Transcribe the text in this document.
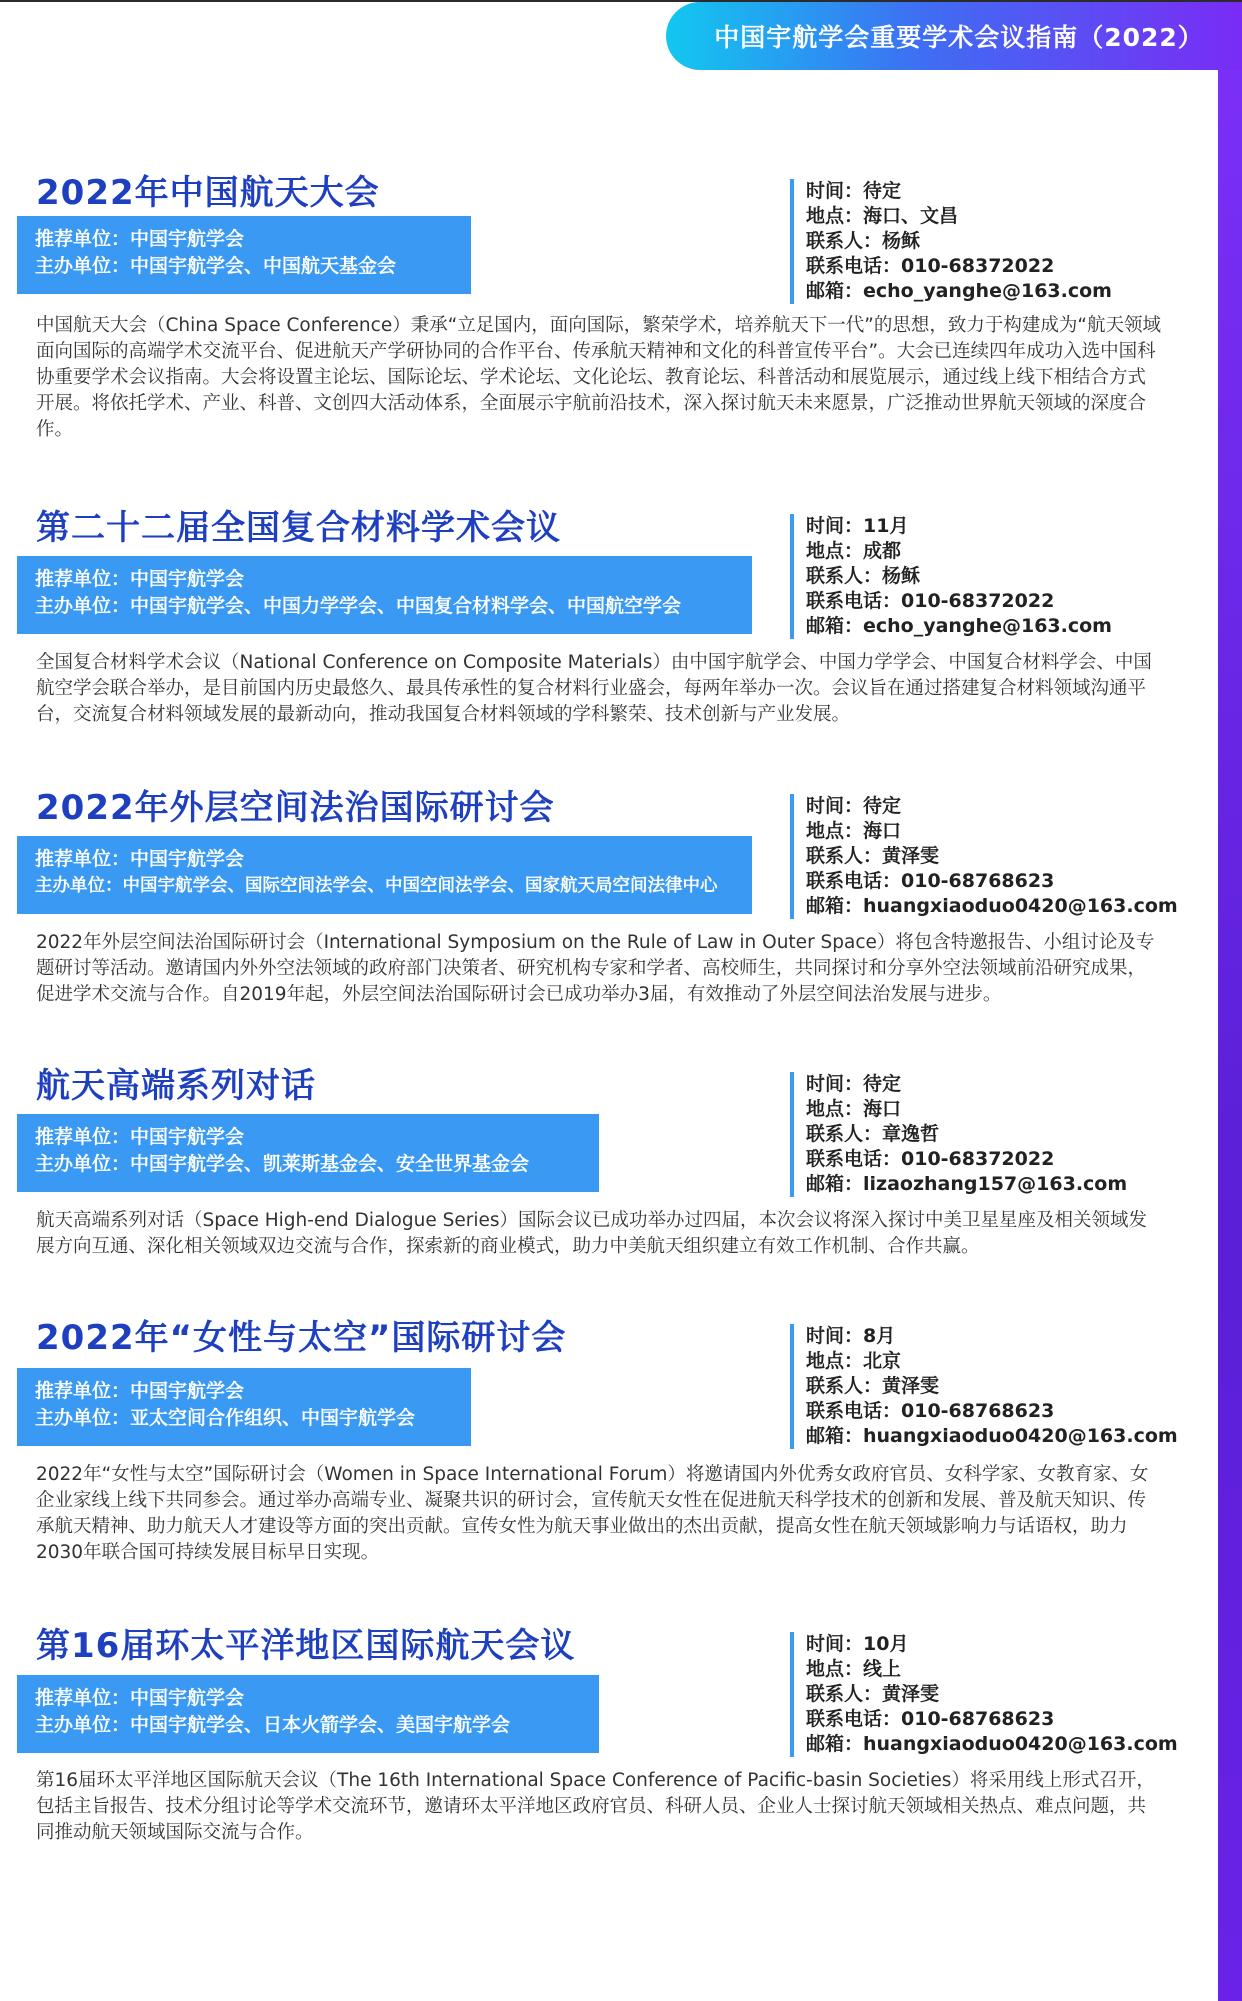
中国宇航学会重要学术会议指南（2022）
2022年中国航天大会
推荐单位：中国宇航学会
主办单位：中国宇航学会、中国航天基金会
时间：待定
地点：海口、文昌
联系人：杨稣
联系电话：010-68372022
邮箱：echo_yanghe@163.com
中国航天大会（China Space Conference）秉承“立足国内，面向国际，繁荣学术，培养航天下一代”的思想，致力于构建成为“航天领域面向国际的高端学术交流平台、促进航天产学研协同的合作平台、传承航天精神和文化的科普宣传平台”。大会已连续四年成功入选中国科协重要学术会议指南。大会将设置主论坛、国际论坛、学术论坛、文化论坛、教育论坛、科普活动和展览展示，通过线上线下相结合方式开展。将依托学术、产业、科普、文创四大活动体系，全面展示宇航前沿技术，深入探讨航天未来愿景，广泛推动世界航天领域的深度合作。
第二十二届全国复合材料学术会议
推荐单位：中国宇航学会
主办单位：中国宇航学会、中国力学学会、中国复合材料学会、中国航空学会
时间：11月
地点：成都
联系人：杨稣
联系电话：010-68372022
邮箱：echo_yanghe@163.com
全国复合材料学术会议（National Conference on Composite Materials）由中国宇航学会、中国力学学会、中国复合材料学会、中国航空学会联合举办，是目前国内历史最悠久、最具传承性的复合材料行业盛会，每两年举办一次。会议旨在通过搭建复合材料领域沟通平台，交流复合材料领域发展的最新动向，推动我国复合材料领域的学科繁荣、技术创新与产业发展。
2022年外层空间法治国际研讨会
推荐单位：中国宇航学会
主办单位：中国宇航学会、国际空间法学会、中国空间法学会、国家航天局空间法律中心
时间：待定
地点：海口
联系人：黄泽雯
联系电话：010-68768623
邮箱：huangxiaoduo0420@163.com
2022年外层空间法治国际研讨会（International Symposium on the Rule of Law in Outer Space）将包含特邀报告、小组讨论及专题研讨等活动。邀请国内外外空法领域的政府部门决策者、研究机构专家和学者、高校师生，共同探讨和分享外空法领域前沿研究成果，促进学术交流与合作。自2019年起，外层空间法治国际研讨会已成功举办3届，有效推动了外层空间法治发展与进步。
航天高端系列对话
推荐单位：中国宇航学会
主办单位：中国宇航学会、凯莱斯基金会、安全世界基金会
时间：待定
地点：海口
联系人：章逸哲
联系电话：010-68372022
邮箱：lizaozhang157@163.com
航天高端系列对话（Space High-end Dialogue Series）国际会议已成功举办过四届，本次会议将深入探讨中美卫星星座及相关领域发展方向互通、深化相关领域双边交流与合作，探索新的商业模式，助力中美航天组织建立有效工作机制、合作共赢。
2022年“女性与太空”国际研讨会
推荐单位：中国宇航学会
主办单位：亚太空间合作组织、中国宇航学会
时间：8月
地点：北京
联系人：黄泽雯
联系电话：010-68768623
邮箱：huangxiaoduo0420@163.com
2022年“女性与太空”国际研讨会（Women in Space International Forum）将邀请国内外优秀女政府官员、女科学家、女教育家、女企业家线上线下共同参会。通过举办高端专业、凝聚共识的研讨会，宣传航天女性在促进航天科学技术的创新和发展、普及航天知识、传承航天精神、助力航天人才建设等方面的突出贡献。宣传女性为航天事业做出的杰出贡献，提高女性在航天领域影响力与话语权，助力2030年联合国可持续发展目标早日实现。
第16届环太平洋地区国际航天会议
推荐单位：中国宇航学会
主办单位：中国宇航学会、日本火箭学会、美国宇航学会
时间：10月
地点：线上
联系人：黄泽雯
联系电话：010-68768623
邮箱：huangxiaoduo0420@163.com
第16届环太平洋地区国际航天会议（The 16th International Space Conference of Pacific-basin Societies）将采用线上形式召开，包括主旨报告、技术分组讨论等学术交流环节，邀请环太平洋地区政府官员、科研人员、企业人士探讨航天领域相关热点、难点问题，共同推动航天领域国际交流与合作。
